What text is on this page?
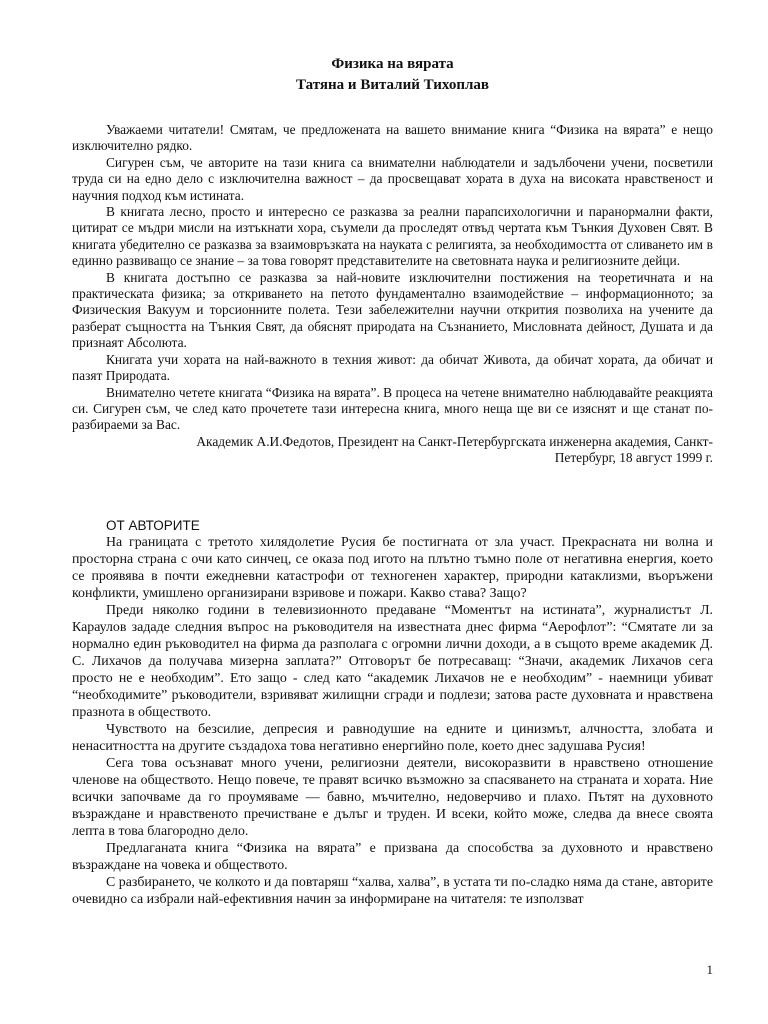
Физика на вярата
Татяна и Виталий Тихоплав

Уважаеми читатели! Смятам, че предложената на вашето внимание книга “Физика на вярата” е нещо изключително рядко.

Сигурен съм, че авторите на тази книга са внимателни наблюдатели и задълбочени учени, посветили труда си на едно дело с изключителна важност – да просвещават хората в духа на високата нравственост и научния подход към истината.

В книгата лесно, просто и интересно се разказва за реални парапсихологични и паранормални факти, цитират се мъдри мисли на изтъкнати хора, съумели да проследят отвъд чертата към Тънкия Духовен Свят. В книгата убедително се разказва за взаимовръзката на науката с религията, за необходимостта от сливането им в единно развиващо се знание – за това говорят представителите на световната наука и религиозните дейци.

В книгата достъпно се разказва за най-новите изключителни постижения на теоретичната и на практическата физика; за откриването на петото фундаментално взаимодействие – информационното; за Физическия Вакуум и торсионните полета. Тези забележителни научни открития позволиха на учените да разберат същността на Тънкия Свят, да обяснят природата на Съзнанието, Мисловната дейност, Душата и да признаят Абсолюта.

Книгата учи хората на най-важното в техния живот: да обичат Живота, да обичат хората, да обичат и пазят Природата.

Внимателно четете книгата “Физика на вярата”. В процеса на четене внимателно наблюдавайте реакцията си. Сигурен съм, че след като прочетете тази интересна книга, много неща ще ви се изяснят и ще станат по-разбираеми за Вас.

Академик А.И.Федотов, Президент на Санкт-Петербургската инженерна академия, Санкт-
Петербург, 18 август 1999 г.
ОТ АВТОРИТЕ

На границата с третото хилядолетие Русия бе постигната от зла участ. Прекрасната ни волна и просторна страна с очи като синчец, се оказа под игото на плътно тъмно поле от негативна енергия, което се проявява в почти ежедневни катастрофи от техногенен характер, природни катаклизми, въоръжени конфликти, умишлено организирани взривове и пожари. Какво става? Защо?

Преди няколко години в телевизионното предаване “Моментът на истината”, журналистът Л. Караулов зададе следния въпрос на ръководителя на известната днес фирма “Аерофлот”: “Смятате ли за нормално един ръководител на фирма да разполага с огромни лични доходи, а в същото време академик Д. С. Лихачов да получава мизерна заплата?” Отговорът бе потресаващ: “Значи, академик Лихачов сега просто не е необходим”. Ето защо - след като “академик Лихачов не е необходим” - наемници убиват “необходимите” ръководители, взривяват жилищни сгради и подлези; затова расте духовната и нравствена празнота в обществото.

Чувството на безсилие, депресия и равнодушие на едните и цинизмът, алчността, злобата и ненаситността на другите създадоха това негативно енергийно поле, което днес задушава Русия!

Сега това осъзнават много учени, религиозни деятели, високоразвити в нравствено отношение членове на обществото. Нещо повече, те правят всичко възможно за спасяването на страната и хората. Ние всички започваме да го проумяваме — бавно, мъчително, недоверчиво и плахо. Пътят на духовното възраждане и нравственото пречистване е дълъг и труден. И всеки, който може, следва да внесе своята лепта в това благородно дело.

Предлаганата книга “Физика на вярата” е призвана да способства за духовното и нравствено възраждане на човека и обществото.

С разбирането, че колкото и да повтаряш “халва, халва”, в устата ти по-сладко няма да стане, авторите очевидно са избрали най-ефективния начин за информиране на читателя: те използват

1
